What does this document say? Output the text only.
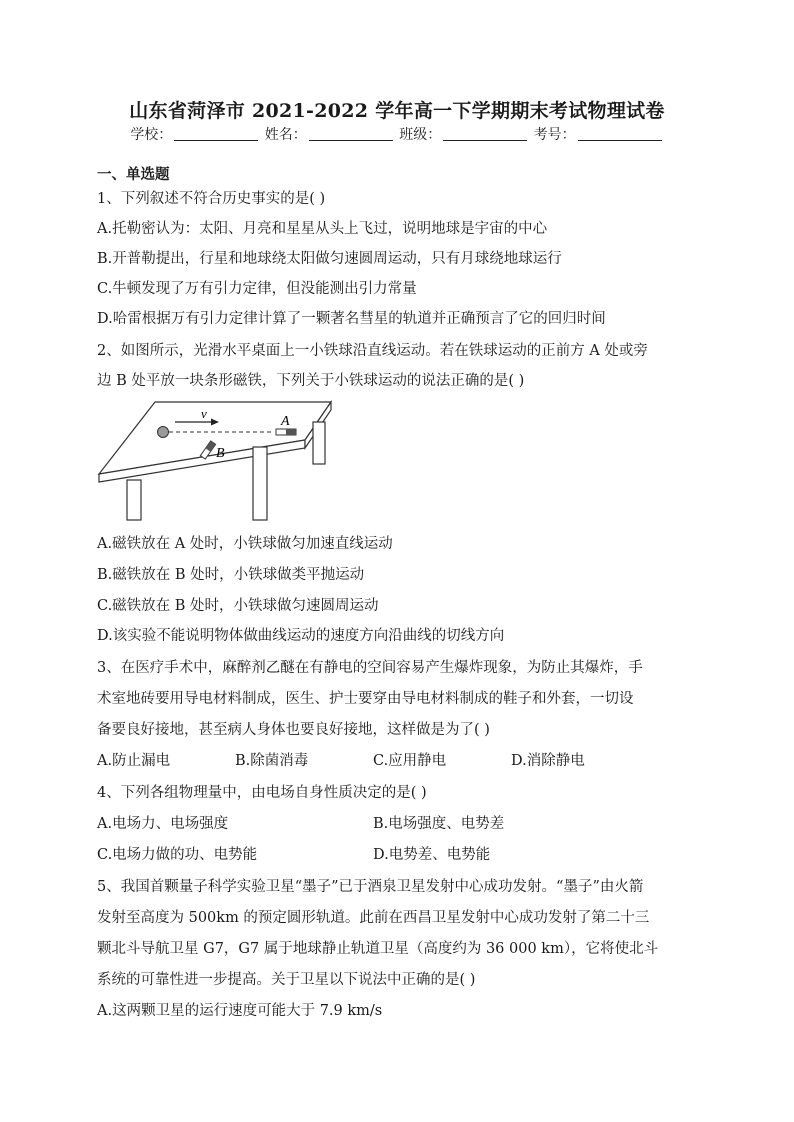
山东省菏泽市 2021-2022 学年高一下学期期末考试物理试卷
学校：	姓名：	班级：	考号：
一、单选题
1、下列叙述不符合历史事实的是( )
A.托勒密认为：太阳、月亮和星星从头上飞过，说明地球是宇宙的中心
B.开普勒提出，行星和地球绕太阳做匀速圆周运动，只有月球绕地球运行
C.牛顿发现了万有引力定律，但没能测出引力常量
D.哈雷根据万有引力定律计算了一颗著名彗星的轨道并正确预言了它的回归时间
2、如图所示，光滑水平桌面上一小铁球沿直线运动。若在铁球运动的正前方 A 处或旁
边 B 处平放一块条形磁铁，下列关于小铁球运动的说法正确的是( )
v
A
B
A.磁铁放在 A 处时，小铁球做匀加速直线运动
B.磁铁放在 B 处时，小铁球做类平抛运动
C.磁铁放在 B 处时，小铁球做匀速圆周运动
D.该实验不能说明物体做曲线运动的速度方向沿曲线的切线方向
3、在医疗手术中，麻醉剂乙醚在有静电的空间容易产生爆炸现象，为防止其爆炸，手
术室地砖要用导电材料制成，医生、护士要穿由导电材料制成的鞋子和外套，一切设
备要良好接地，甚至病人身体也要良好接地，这样做是为了( )
A.防止漏电	B.除菌消毒	C.应用静电	D.消除静电
4、下列各组物理量中，由电场自身性质决定的是( )
A.电场力、电场强度	B.电场强度、电势差
C.电场力做的功、电势能	D.电势差、电势能
5、我国首颗量子科学实验卫星“墨子”已于酒泉卫星发射中心成功发射。“墨子”由火箭
发射至高度为 500km 的预定圆形轨道。此前在西昌卫星发射中心成功发射了第二十三
颗北斗导航卫星 G7，G7 属于地球静止轨道卫星（高度约为 36 000 km），它将使北斗
系统的可靠性进一步提高。关于卫星以下说法中正确的是( )
A.这两颗卫星的运行速度可能大于 7.9 km/s
